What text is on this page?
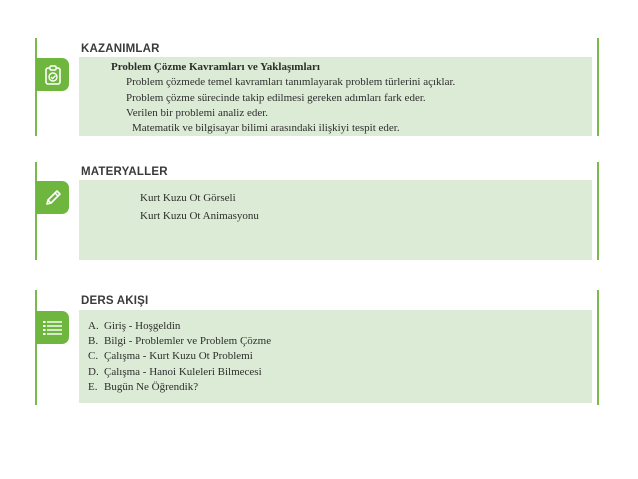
KAZANIMLAR
Problem Çözme Kavramları ve Yaklaşımları
Problem çözmede temel kavramları tanımlayarak problem türlerini açıklar.
Problem çözme sürecinde takip edilmesi gereken adımları fark eder.
Verilen bir problemi analiz eder.
Matematik ve bilgisayar bilimi arasındaki ilişkiyi tespit eder.
MATERYALLER
Kurt Kuzu Ot Görseli
Kurt Kuzu Ot Animasyonu
DERS AKIŞI
A. Giriş - Hoşgeldin
B. Bilgi - Problemler ve Problem Çözme
C. Çalışma - Kurt Kuzu Ot Problemi
D. Çalışma - Hanoi Kuleleri Bilmecesi
E. Bugün Ne Öğrendik?
